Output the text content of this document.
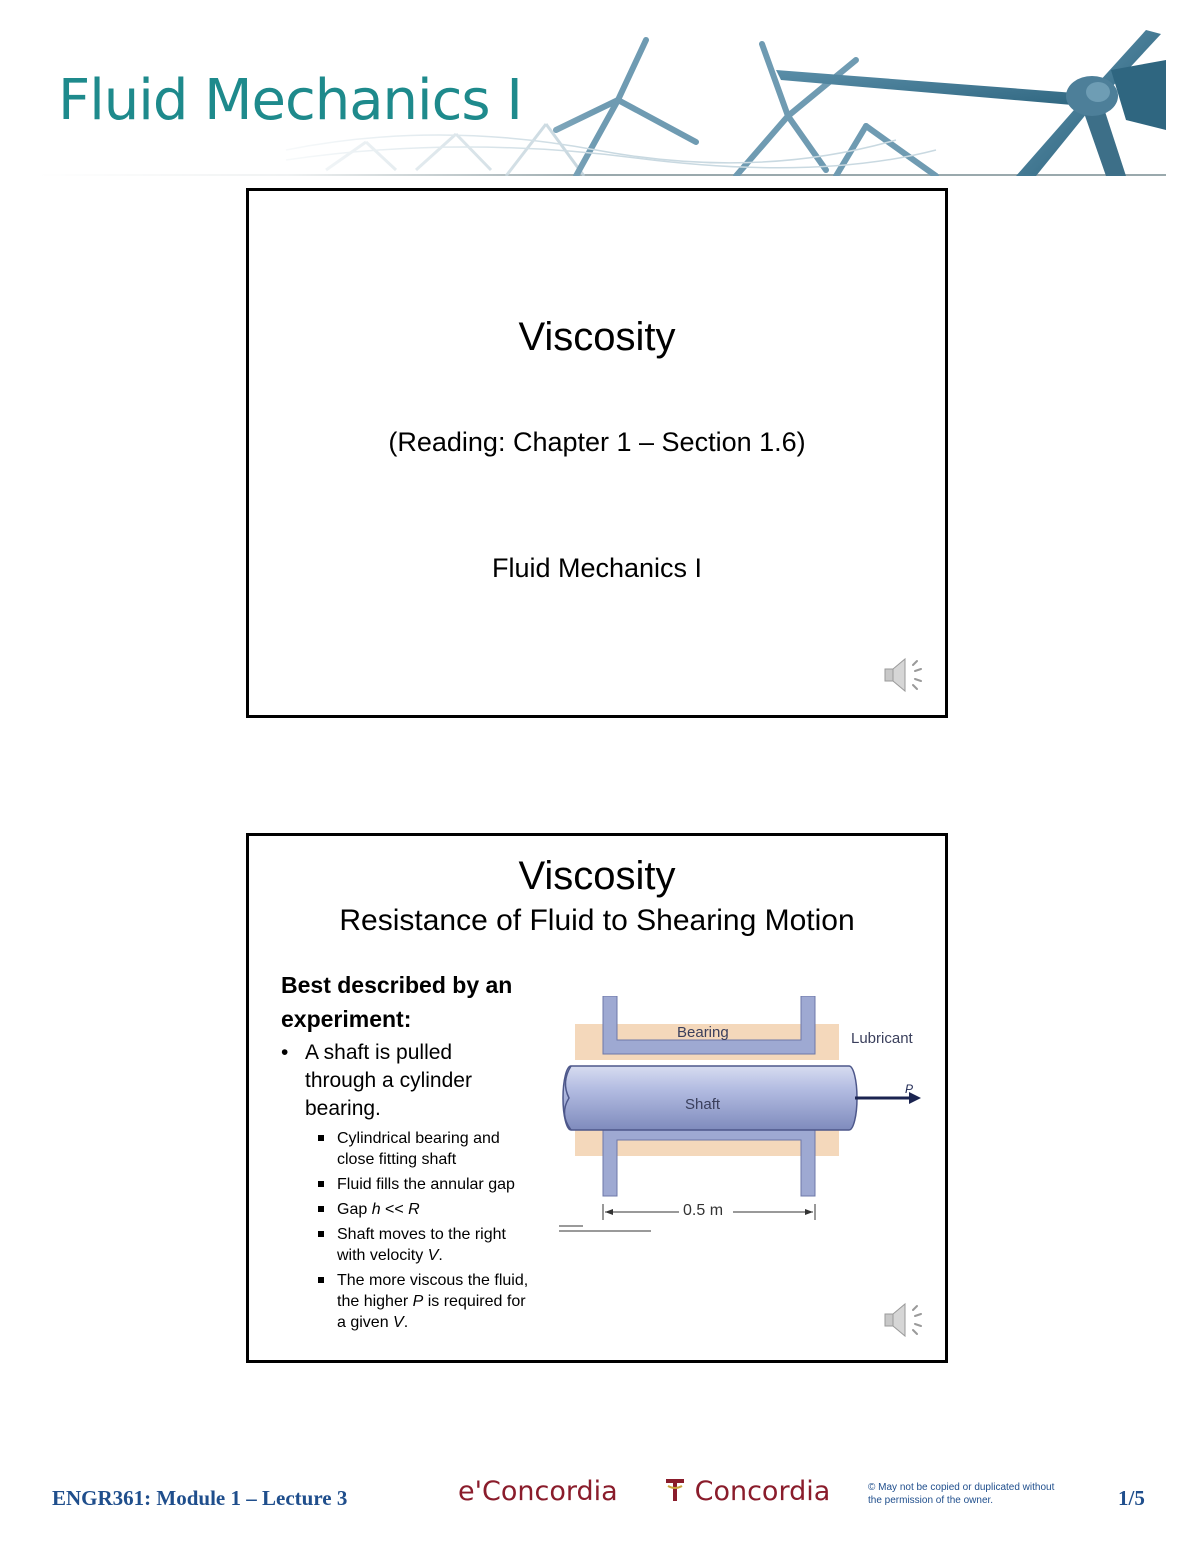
Fluid Mechanics I
Viscosity
(Reading: Chapter 1 – Section 1.6)
Fluid Mechanics I
Viscosity
Resistance of Fluid to Shearing Motion
Best described by an experiment:
• A shaft is pulled through a cylinder bearing.
Cylindrical bearing and close fitting shaft
Fluid fills the annular gap
Gap h << R
Shaft moves to the right with velocity V.
The more viscous the fluid, the higher P is required for a given V.
Bearing	Lubricant
Shaft
P
0.5 m
ENGR361: Module 1 – Lecture 3	e'Concordia	Concordia	© May not be copied or duplicated without the permission of the owner.	1/5
